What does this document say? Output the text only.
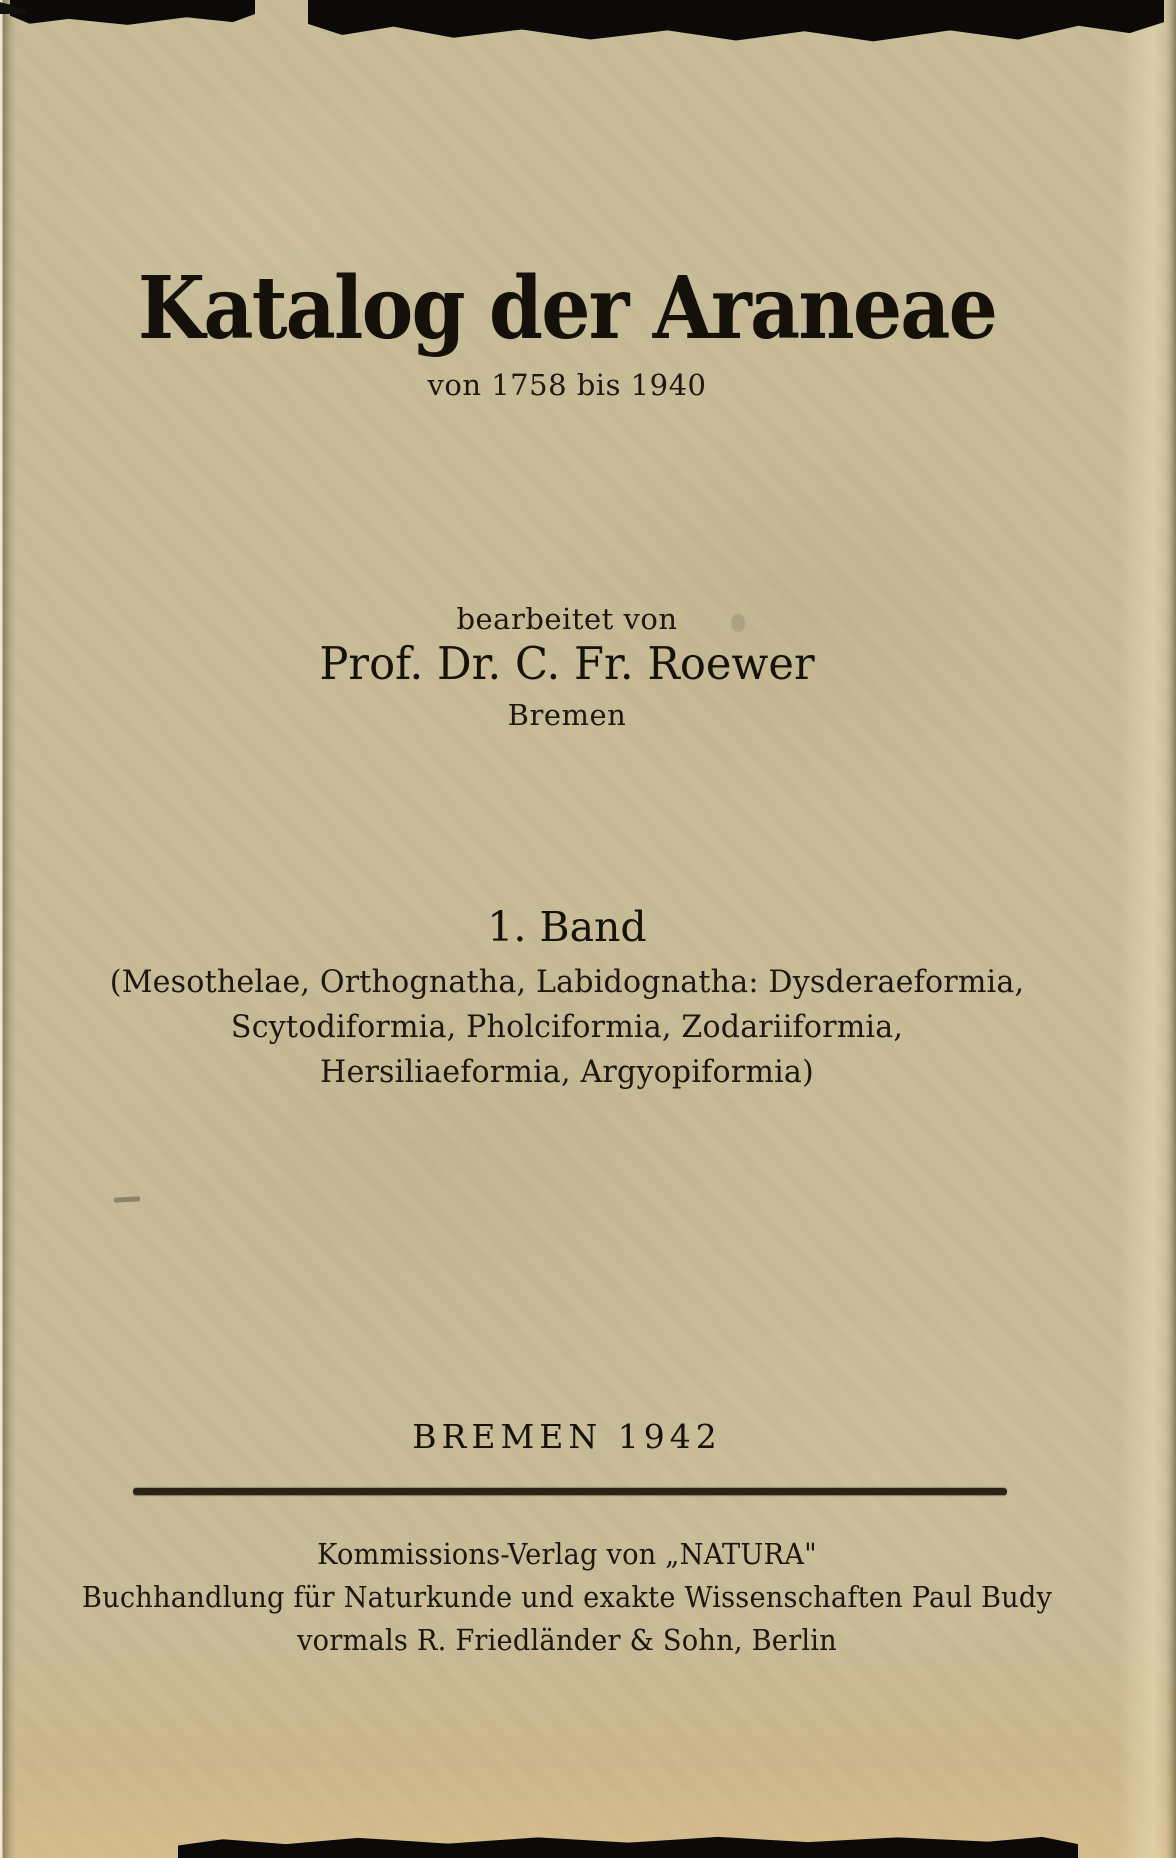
Katalog der Araneae
von 1758 bis 1940
bearbeitet von
Prof. Dr. C. Fr. Roewer
Bremen
1. Band
(Mesothelae, Orthognatha, Labidognatha: Dysderaeformia,
Scytodiformia, Pholciformia, Zodariiformia,
Hersiliaeformia, Argyopiformia)
BREMEN 1942
Kommissions-Verlag von „NATURA"
Buchhandlung für Naturkunde und exakte Wissenschaften Paul Budy
vormals R. Friedländer & Sohn, Berlin
